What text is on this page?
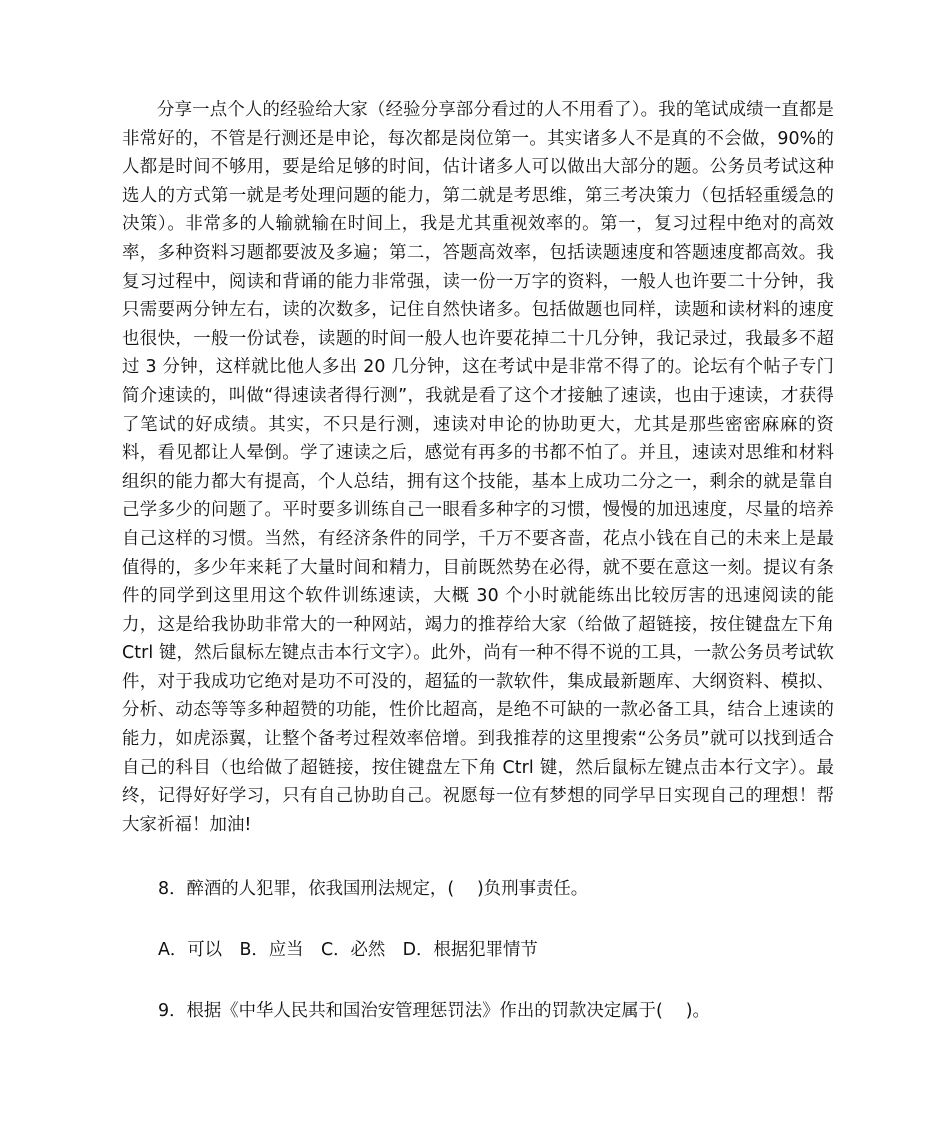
分享一点个人的经验给大家（经验分享部分看过的人不用看了）。我的笔试成绩一直都是非常好的，不管是行测还是申论，每次都是岗位第一。其实诸多人不是真的不会做，90%的人都是时间不够用，要是给足够的时间，估计诸多人可以做出大部分的题。公务员考试这种选人的方式第一就是考处理问题的能力，第二就是考思维，第三考决策力（包括轻重缓急的决策）。非常多的人输就输在时间上，我是尤其重视效率的。第一，复习过程中绝对的高效率，多种资料习题都要波及多遍；第二，答题高效率，包括读题速度和答题速度都高效。我复习过程中，阅读和背诵的能力非常强，读一份一万字的资料，一般人也许要二十分钟，我只需要两分钟左右，读的次数多，记住自然快诸多。包括做题也同样，读题和读材料的速度也很快，一般一份试卷，读题的时间一般人也许要花掉二十几分钟，我记录过，我最多不超过 3 分钟，这样就比他人多出 20 几分钟，这在考试中是非常不得了的。论坛有个帖子专门简介速读的，叫做“得速读者得行测”，我就是看了这个才接触了速读，也由于速读，才获得了笔试的好成绩。其实，不只是行测，速读对申论的协助更大，尤其是那些密密麻麻的资料，看见都让人晕倒。学了速读之后，感觉有再多的书都不怕了。并且，速读对思维和材料组织的能力都大有提高，个人总结，拥有这个技能，基本上成功二分之一，剩余的就是靠自己学多少的问题了。平时要多训练自己一眼看多种字的习惯，慢慢的加迅速度，尽量的培养自己这样的习惯。当然，有经济条件的同学，千万不要吝啬，花点小钱在自己的未来上是最值得的，多少年来耗了大量时间和精力，目前既然势在必得，就不要在意这一刻。提议有条件的同学到这里用这个软件训练速读，大概 30 个小时就能练出比较厉害的迅速阅读的能力，这是给我协助非常大的一种网站，竭力的推荐给大家（给做了超链接，按住键盘左下角 Ctrl 键，然后鼠标左键点击本行文字）。此外，尚有一种不得不说的工具，一款公务员考试软件，对于我成功它绝对是功不可没的，超猛的一款软件，集成最新题库、大纲资料、模拟、分析、动态等等多种超赞的功能，性价比超高，是绝不可缺的一款必备工具，结合上速读的能力，如虎添翼，让整个备考过程效率倍增。到我推荐的这里搜索“公务员”就可以找到适合自己的科目（也给做了超链接，按住键盘左下角 Ctrl 键，然后鼠标左键点击本行文字）。最终，记得好好学习，只有自己协助自己。祝愿每一位有梦想的同学早日实现自己的理想！帮大家祈福！加油!

8．醉酒的人犯罪，依我国刑法规定，(　 )负刑事责任。

A．可以　B．应当　C．必然　D．根据犯罪情节

9．根据《中华人民共和国治安管理惩罚法》作出的罚款决定属于(　 )。
